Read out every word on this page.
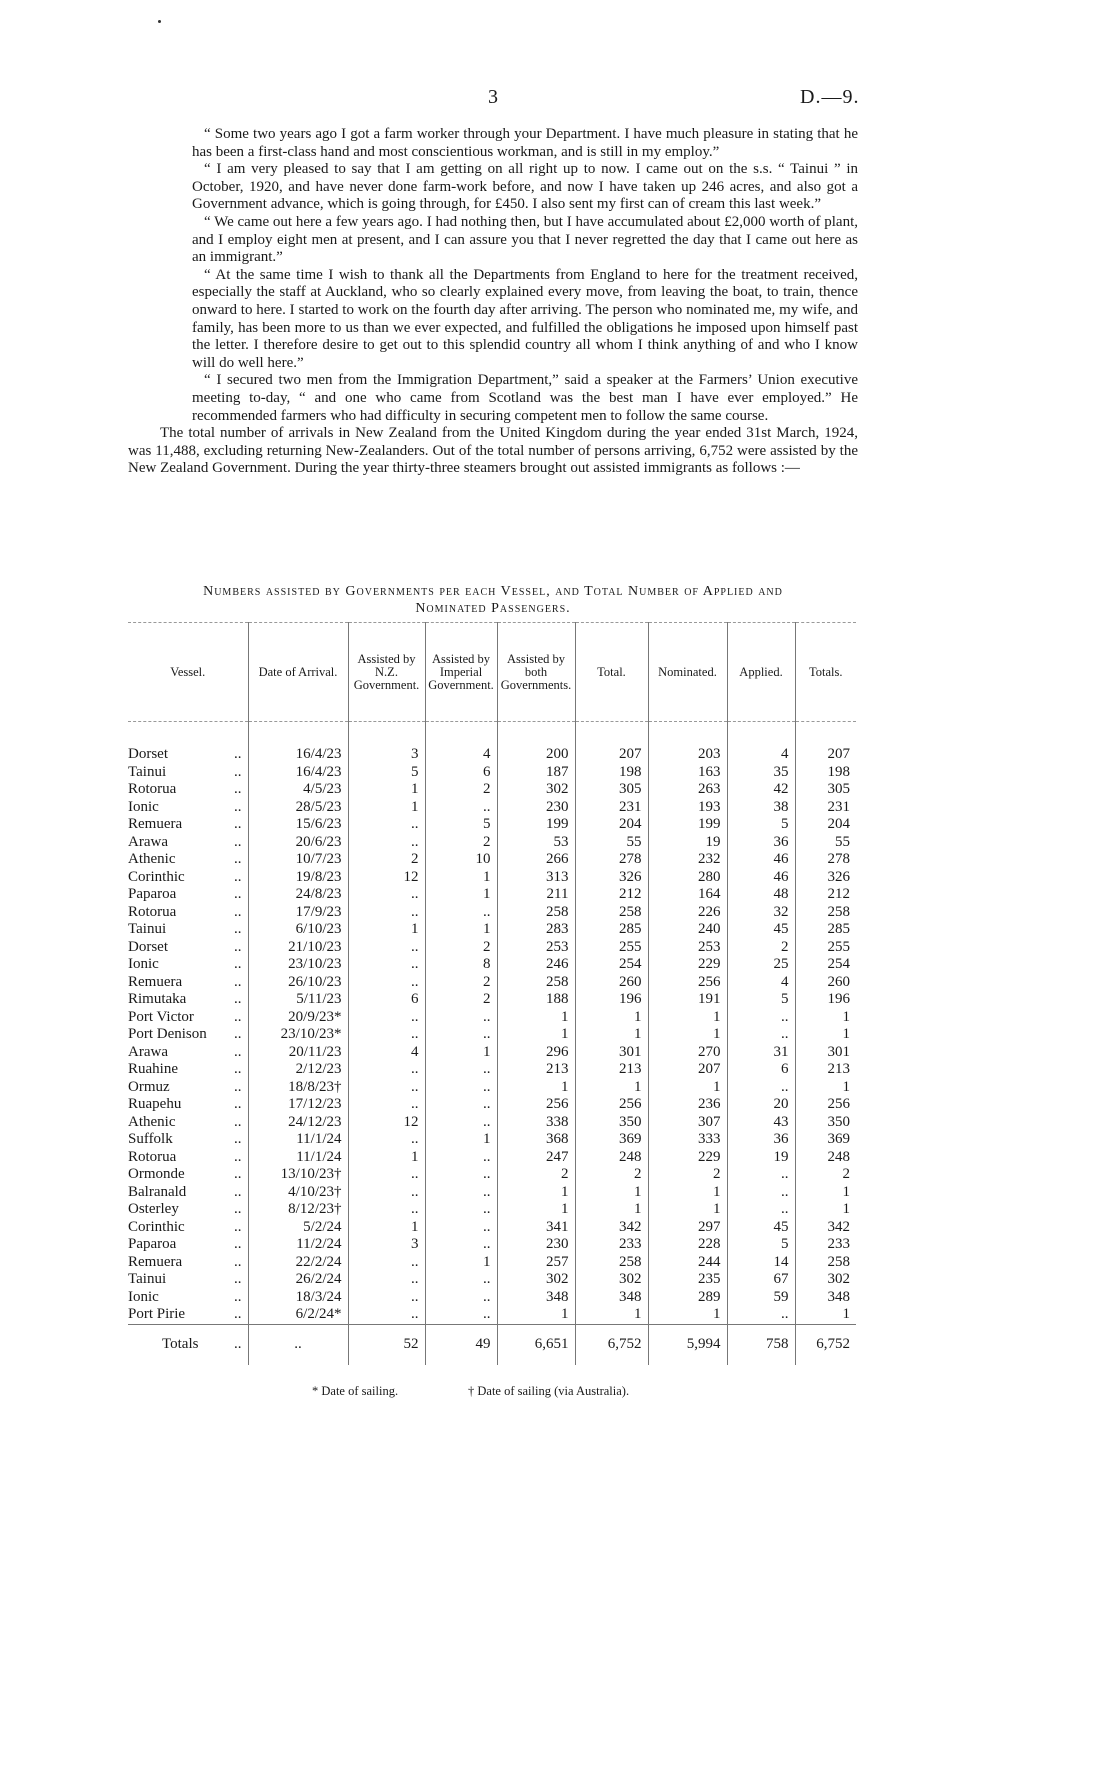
3	D.—9.

“ Some two years ago I got a farm worker through your Department. I have much pleasure in stating that he has been a first-class hand and most conscientious workman, and is still in my employ.”

“ I am very pleased to say that I am getting on all right up to now. I came out on the s.s. “ Tainui ” in October, 1920, and have never done farm-work before, and now I have taken up 246 acres, and also got a Government advance, which is going through, for £450. I also sent my first can of cream this last week.”

“ We came out here a few years ago. I had nothing then, but I have accumulated about £2,000 worth of plant, and I employ eight men at present, and I can assure you that I never regretted the day that I came out here as an immigrant.”

“ At the same time I wish to thank all the Departments from England to here for the treatment received, especially the staff at Auckland, who so clearly explained every move, from leaving the boat, to train, thence onward to here. I started to work on the fourth day after arriving. The person who nominated me, my wife, and family, has been more to us than we ever expected, and fulfilled the obligations he imposed upon himself past the letter. I therefore desire to get out to this splendid country all whom I think anything of and who I know will do well here.”

“ I secured two men from the Immigration Department,” said a speaker at the Farmers’ Union executive meeting to-day, “ and one who came from Scotland was the best man I have ever employed.” He recommended farmers who had difficulty in securing competent men to follow the same course.

The total number of arrivals in New Zealand from the United Kingdom during the year ended 31st March, 1924, was 11,488, excluding returning New-Zealanders. Out of the total number of persons arriving, 6,752 were assisted by the New Zealand Government. During the year thirty-three steamers brought out assisted immigrants as follows :—

Numbers assisted by Governments per each Vessel, and Total Number of Applied and
Nominated Passengers.
Vessel.	Date of Arrival.	Assisted by N.Z. Government.	Assisted by Imperial Government.	Assisted by both Governments.	Total.	Nominated.	Applied.	Totals.

Dorset ..	16/4/23	3	4	200	207	203	4	207
Tainui ..	16/4/23	5	6	187	198	163	35	198
Rotorua ..	4/5/23	1	2	302	305	263	42	305
Ionic ..	28/5/23	1	..	230	231	193	38	231
Remuera ..	15/6/23	..	5	199	204	199	5	204
Arawa ..	20/6/23	..	2	53	55	19	36	55
Athenic ..	10/7/23	2	10	266	278	232	46	278
Corinthic ..	19/8/23	12	1	313	326	280	46	326
Paparoa ..	24/8/23	..	1	211	212	164	48	212
Rotorua ..	17/9/23	..	..	258	258	226	32	258
Tainui ..	6/10/23	1	1	283	285	240	45	285
Dorset ..	21/10/23	..	2	253	255	253	2	255
Ionic ..	23/10/23	..	8	246	254	229	25	254
Remuera ..	26/10/23	..	2	258	260	256	4	260
Rimutaka ..	5/11/23	6	2	188	196	191	5	196
Port Victor ..	20/9/23*	..	..	1	1	1	..	1
Port Denison ..	23/10/23*	..	..	1	1	1	..	1
Arawa ..	20/11/23	4	1	296	301	270	31	301
Ruahine ..	2/12/23	..	..	213	213	207	6	213
Ormuz ..	18/8/23†	..	..	1	1	1	..	1
Ruapehu ..	17/12/23	..	..	256	256	236	20	256
Athenic ..	24/12/23	12	..	338	350	307	43	350
Suffolk ..	11/1/24	..	1	368	369	333	36	369
Rotorua ..	11/1/24	1	..	247	248	229	19	248
Ormonde ..	13/10/23†	..	..	2	2	2	..	2
Balranald ..	4/10/23†	..	..	1	1	1	..	1
Osterley ..	8/12/23†	..	..	1	1	1	..	1
Corinthic ..	5/2/24	1	..	341	342	297	45	342
Paparoa ..	11/2/24	3	..	230	233	228	5	233
Remuera ..	22/2/24	..	1	257	258	244	14	258
Tainui ..	26/2/24	..	..	302	302	235	67	302
Ionic ..	18/3/24	..	..	348	348	289	59	348
Port Pirie ..	6/2/24*	..	..	1	1	1	..	1
Totals ..	..	52	49	6,651	6,752	5,994	758	6,752
* Date of sailing.	† Date of sailing (via Australia).
